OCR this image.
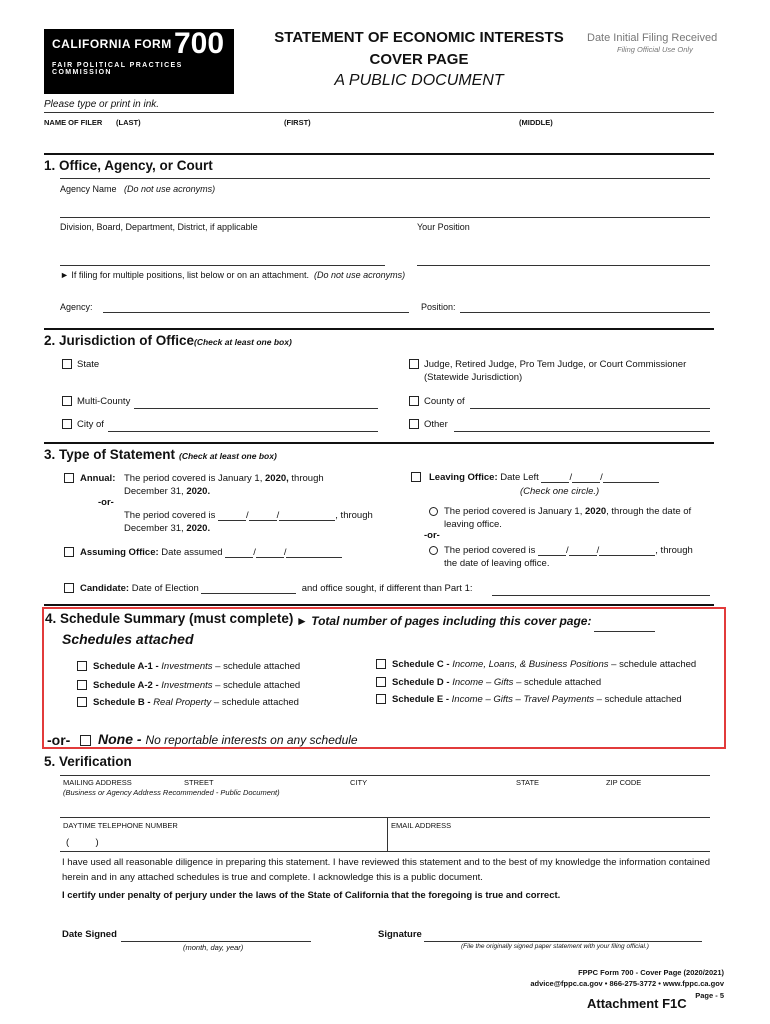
CALIFORNIA FORM 700
FAIR POLITICAL PRACTICES COMMISSION
STATEMENT OF ECONOMIC INTERESTS
COVER PAGE
A PUBLIC DOCUMENT
Date Initial Filing Received
Filing Official Use Only
Please type or print in ink.
NAME OF FILER (LAST)	(FIRST)	(MIDDLE)
1. Office, Agency, or Court
Agency Name (Do not use acronyms)
Division, Board, Department, District, if applicable	Your Position
► If filing for multiple positions, list below or on an attachment. (Do not use acronyms)
Agency:	Position:
2. Jurisdiction of Office (Check at least one box)
State	Judge, Retired Judge, Pro Tem Judge, or Court Commissioner
(Statewide Jurisdiction)
Multi-County	County of
City of	Other
3. Type of Statement (Check at least one box)
Annual: The period covered is January 1, 2020, through
December 31, 2020.
-or-
The period covered is	/	/	, through
December 31, 2020.
Assuming Office: Date assumed	/	/
Leaving Office: Date Left	/	/
(Check one circle.)
The period covered is January 1, 2020, through the date of
leaving office.
-or-
The period covered is	/	/	, through
the date of leaving office.
Candidate: Date of Election	and office sought, if different than Part 1:
4. Schedule Summary (must complete) ► Total number of pages including this cover page:
Schedules attached
Schedule A-1 - Investments – schedule attached
Schedule A-2 - Investments – schedule attached
Schedule B - Real Property – schedule attached
Schedule C - Income, Loans, & Business Positions – schedule attached
Schedule D - Income – Gifts – schedule attached
Schedule E - Income – Gifts – Travel Payments – schedule attached
-or- None - No reportable interests on any schedule
5. Verification
MAILING ADDRESS	STREET	CITY	STATE	ZIP CODE
(Business or Agency Address Recommended - Public Document)
DAYTIME TELEPHONE NUMBER	EMAIL ADDRESS
(          )
I have used all reasonable diligence in preparing this statement. I have reviewed this statement and to the best of my knowledge the information contained herein and in any attached schedules is true and complete. I acknowledge this is a public document.
I certify under penalty of perjury under the laws of the State of California that the foregoing is true and correct.
Date Signed
(month, day, year)
Signature
(File the originally signed paper statement with your filing official.)
FPPC Form 700 - Cover Page (2020/2021)
advice@fppc.ca.gov • 866-275-3772 • www.fppc.ca.gov
Page - 5
Attachment F1C
